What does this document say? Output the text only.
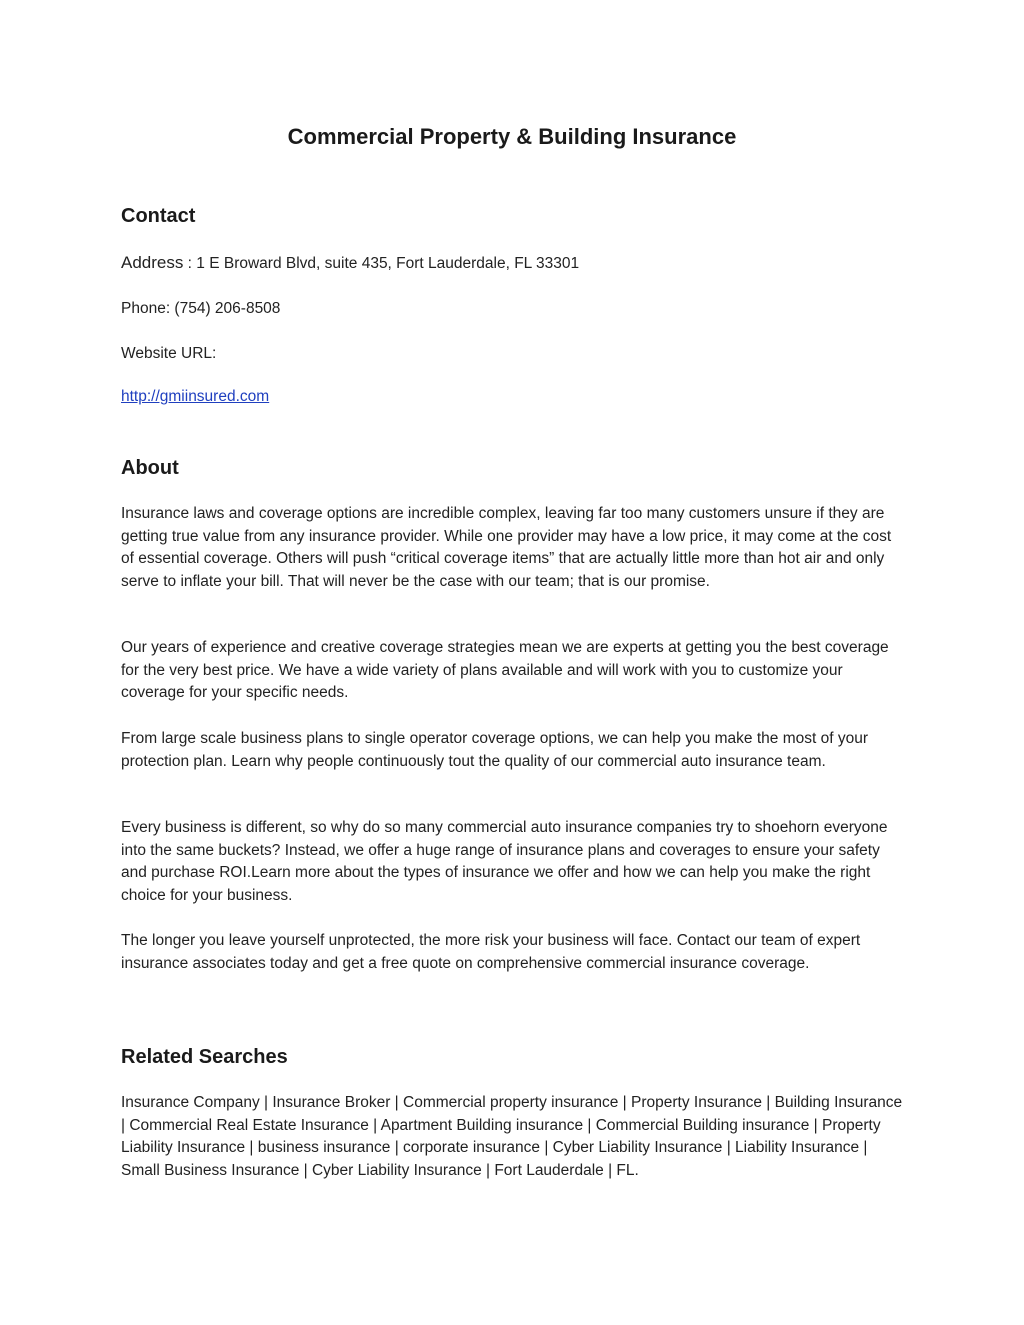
Commercial Property & Building Insurance
Contact

Address : 1 E Broward Blvd, suite 435, Fort Lauderdale, FL 33301

Phone: (754) 206-8508

Website URL:

http://gmiinsured.com

About

Insurance laws and coverage options are incredible complex, leaving far too many customers unsure if they are getting true value from any insurance provider. While one provider may have a low price, it may come at the cost of essential coverage. Others will push “critical coverage items” that are actually little more than hot air and only serve to inflate your bill. That will never be the case with our team; that is our promise.

Our years of experience and creative coverage strategies mean we are experts at getting you the best coverage for the very best price. We have a wide variety of plans available and will work with you to customize your coverage for your specific needs.

From large scale business plans to single operator coverage options, we can help you make the most of your protection plan. Learn why people continuously tout the quality of our commercial auto insurance team.

Every business is different, so why do so many commercial auto insurance companies try to shoehorn everyone into the same buckets? Instead, we offer a huge range of insurance plans and coverages to ensure your safety and purchase ROI.Learn more about the types of insurance we offer and how we can help you make the right choice for your business.

The longer you leave yourself unprotected, the more risk your business will face. Contact our team of expert insurance associates today and get a free quote on comprehensive commercial insurance coverage.

Related Searches

Insurance Company | Insurance Broker | Commercial property insurance | Property Insurance | Building Insurance | Commercial Real Estate Insurance | Apartment Building insurance | Commercial Building insurance | Property Liability Insurance | business insurance | corporate insurance | Cyber Liability Insurance | Liability Insurance | Small Business Insurance | Cyber Liability Insurance | Fort Lauderdale | FL.
